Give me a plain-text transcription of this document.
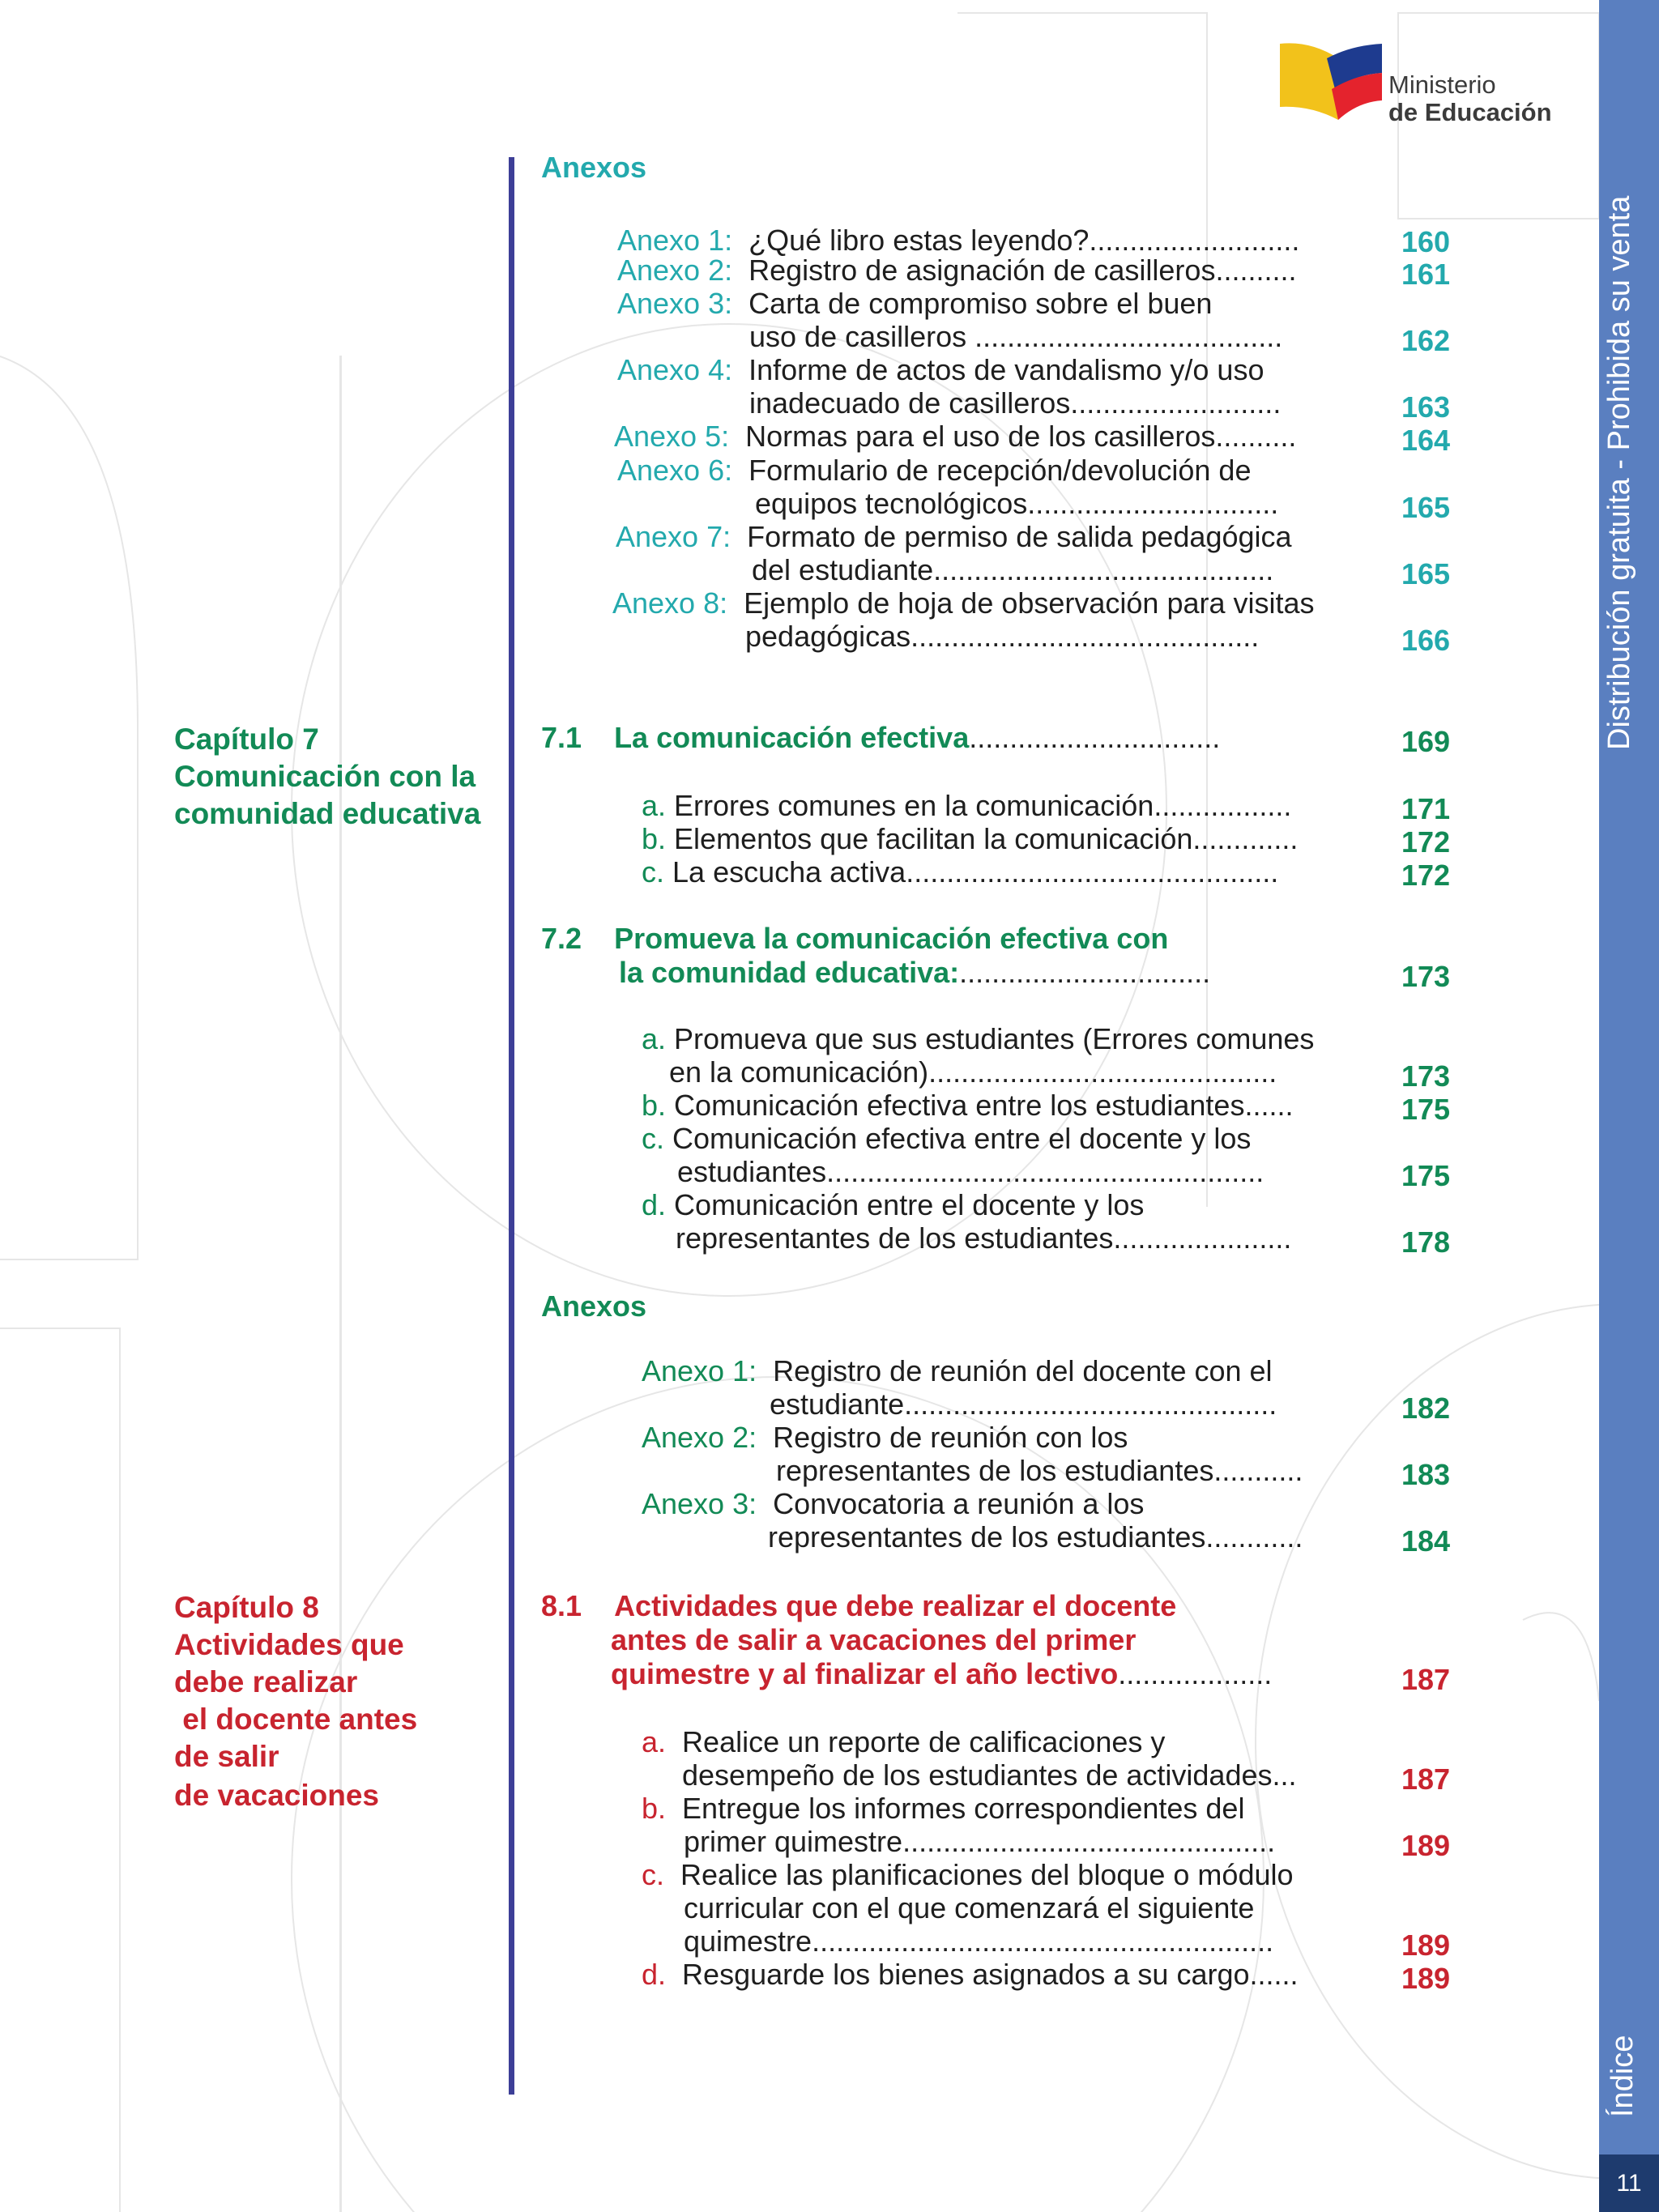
Ministerio
de Educación
Distribución gratuita - Prohibida su venta
Índice
11
Anexos
Anexo 1: ¿Qué libro estas leyendo?..........................	160
Anexo 2: Registro de asignación de casilleros..........	161
Anexo 3: Carta de compromiso sobre el buen
uso de casilleros ......................................	162
Anexo 4: Informe de actos de vandalismo y/o uso
inadecuado de casilleros..........................	163
Anexo 5: Normas para el uso de los casilleros..........	164
Anexo 6: Formulario de recepción/devolución de
equipos tecnológicos...............................	165
Anexo 7: Formato de permiso de salida pedagógica
del estudiante..........................................	165
Anexo 8: Ejemplo de hoja de observación para visitas
pedagógicas...........................................	166
Capítulo 7
Comunicación con la
comunidad educativa
7.1 La comunicación efectiva...............................	169
a. Errores comunes en la comunicación.................	171
b. Elementos que facilitan la comunicación.............	172
c. La escucha activa..............................................	172
7.2 Promueva la comunicación efectiva con
la comunidad educativa:...............................	173
a. Promueva que sus estudiantes (Errores comunes
en la comunicación)...........................................	173
b. Comunicación efectiva entre los estudiantes......	175
c. Comunicación efectiva entre el docente y los
estudiantes......................................................	175
d. Comunicación entre el docente y los
representantes de los estudiantes......................	178
Anexos
Anexo 1: Registro de reunión del docente con el
estudiante..............................................	182
Anexo 2: Registro de reunión con los
representantes de los estudiantes...........	183
Anexo 3: Convocatoria a reunión a los
representantes de los estudiantes............	184
Capítulo 8
Actividades que
debe realizar
el docente antes
de salir
de vacaciones
8.1 Actividades que debe realizar el docente
antes de salir a vacaciones del primer
quimestre y al finalizar el año lectivo...................	187
a. Realice un reporte de calificaciones y
desempeño de los estudiantes de actividades...	187
b. Entregue los informes correspondientes del
primer quimestre..............................................	189
c. Realice las planificaciones del bloque o módulo
curricular con el que comenzará el siguiente
quimestre.........................................................	189
d. Resguarde los bienes asignados a su cargo......	189
